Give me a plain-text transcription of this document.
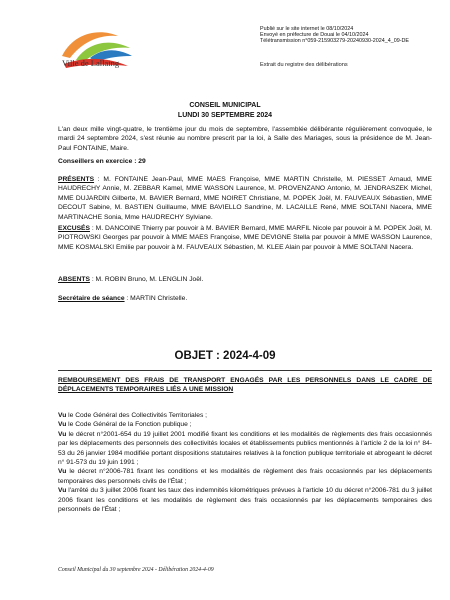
Ville de Lallaing
Publié sur le site internet le 08/10/2024
Envoyé en préfecture de Douai le 04/10/2024
Télétransmission n°059-215903279-20240930-2024_4_09-DE
Extrait du registre des délibérations
CONSEIL MUNICIPAL
LUNDI 30 SEPTEMBRE 2024
L'an deux mille vingt-quatre, le trentième jour du mois de septembre, l'assemblée délibérante régulièrement convoquée, le mardi 24 septembre 2024, s'est réunie au nombre prescrit par la loi, à Salle des Mariages, sous la présidence de M. Jean-Paul FONTAINE, Maire.
Conseillers en exercice : 29
PRÉSENTS : M. FONTAINE Jean-Paul, MME MAES Françoise, MME MARTIN Christelle, M. PIESSET Arnaud, MME HAUDRECHY Annie, M. ZEBBAR Kamel, MME WASSON Laurence, M. PROVENZANO Antonio, M. JENDRASZEK Michel, MME DUJARDIN Gilberte, M. BAVIER Bernard, MME NOIRET Christiane, M. POPEK Joël, M. FAUVEAUX Sébastien, MME DECOUT Sabine, M. BASTIEN Guillaume, MME BAVIELLO Sandrine, M. LACAILLE René, MME SOLTANI Nacera, MME MARTINACHE Sonia, Mme HAUDRECHY Sylviane.
EXCUSÉS : M. DANCOINE Thierry par pouvoir à M. BAVIER Bernard, MME MARFIL Nicole par pouvoir à M. POPEK Joël, M. PIOTROWSKI Georges par pouvoir à MME MAES Françoise, MME DEVIGNE Stella par pouvoir à MME WASSON Laurence, MME KOSMALSKI Emilie par pouvoir à M. FAUVEAUX Sébastien, M. KLEE Alain par pouvoir à MME SOLTANI Nacera.
ABSENTS : M. ROBIN Bruno, M. LENGLIN Joël.
Secrétaire de séance : MARTIN Christelle.
OBJET : 2024-4-09
REMBOURSEMENT DES FRAIS DE TRANSPORT ENGAGÉS PAR LES PERSONNELS DANS LE CADRE DE DÉPLACEMENTS TEMPORAIRES LIÉS A UNE MISSION
Vu le Code Général des Collectivités Territoriales ;
Vu le Code Général de la Fonction publique ;
Vu le décret n°2001-654 du 19 juillet 2001 modifié fixant les conditions et les modalités de règlements des frais occasionnés par les déplacements des personnels des collectivités locales et établissements publics mentionnés à l'article 2 de la loi n° 84-53 du 26 janvier 1984 modifiée portant dispositions statutaires relatives à la fonction publique territoriale et abrogeant le décret n° 91-573 du 19 juin 1991 ;
Vu le décret n°2006-781 fixant les conditions et les modalités de règlement des frais occasionnés par les déplacements temporaires des personnels civils de l'État ;
Vu l'arrêté du 3 juillet 2006 fixant les taux des indemnités kilométriques prévues à l'article 10 du décret n°2006-781 du 3 juillet 2006 fixant les conditions et les modalités de règlement des frais occasionnés par les déplacements temporaires des personnels de l'État ;
Conseil Municipal du 30 septembre 2024 - Délibération 2024-4-09
